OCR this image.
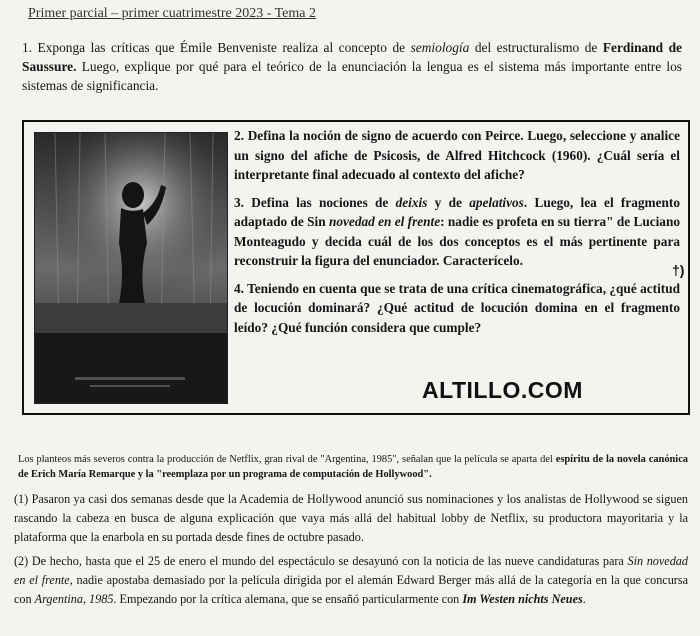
Primer parcial – primer cuatrimestre 2023 - Tema 2
1. Exponga las críticas que Émile Benveniste realiza al concepto de semiología del estructuralismo de Ferdinand de Saussure. Luego, explique por qué para el teórico de la enunciación la lengua es el sistema más importante entre los sistemas de significancia.

2. Defina la noción de signo de acuerdo con Peirce. Luego, seleccione y analice un signo del afiche de Psicosis, de Alfred Hitchcock (1960). ¿Cuál sería el interpretante final adecuado al contexto del afiche?

3. Defina las nociones de deixis y de apelativos. Luego, lea el fragmento adaptado de Sin novedad en el frente: nadie es profeta en su tierra" de Luciano Monteagudo y decida cuál de los dos conceptos es el más pertinente para reconstruir la figura del enunciador. Caracterícelo.

4. Teniendo en cuenta que se trata de una crítica cinematográfica, ¿qué actitud de locución dominará? ¿Qué actitud de locución domina en el fragmento leído? ¿Qué función considera que cumple?

ALTILLO.COM
†)
Los planteos más severos contra la producción de Netflix, gran rival de "Argentina, 1985", señalan que la película se aparta del espíritu de la novela canónica de Erich María Remarque y la "reemplaza por un programa de computación de Hollywood".
(1) Pasaron ya casi dos semanas desde que la Academia de Hollywood anunció sus nominaciones y los analistas de Hollywood se siguen rascando la cabeza en busca de alguna explicación que vaya más allá del habitual lobby de Netflix, su productora mayoritaria y la plataforma que la enarbola en su portada desde fines de octubre pasado.
(2) De hecho, hasta que el 25 de enero el mundo del espectáculo se desayunó con la noticia de las nueve candidaturas para Sin novedad en el frente, nadie apostaba demasiado por la película dirigida por el alemán Edward Berger más allá de la categoría en la que concursa con Argentina, 1985. Empezando por la crítica alemana, que se ensañó particularmente con Im Westen nichts Neues.
